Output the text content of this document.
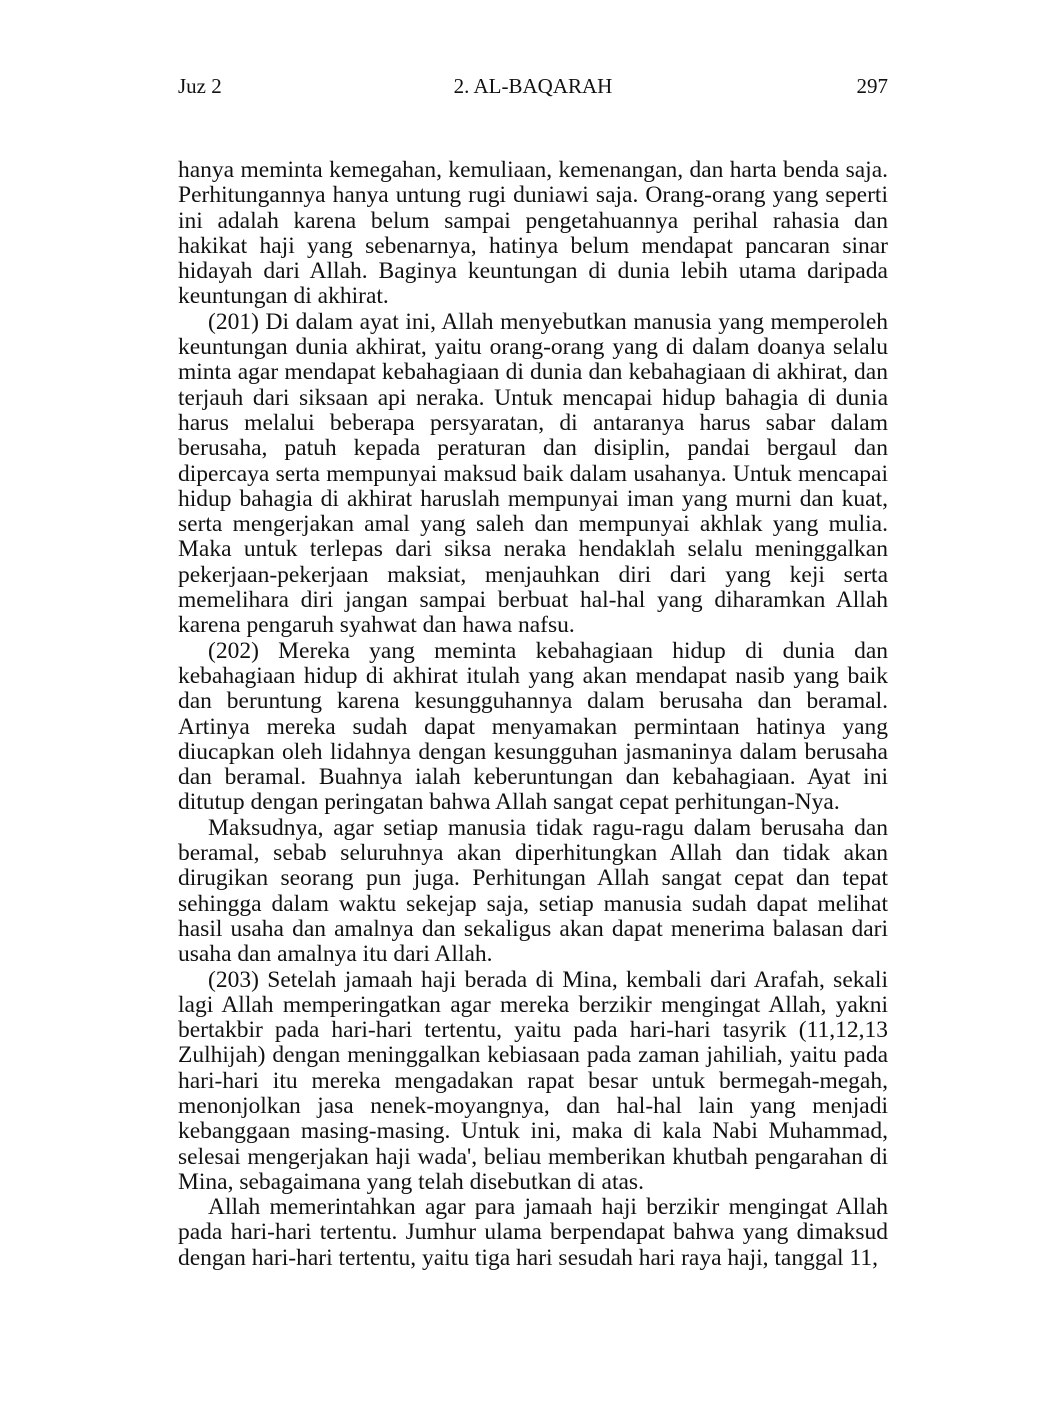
Juz 2	2. AL-BAQARAH	297

hanya meminta kemegahan, kemuliaan, kemenangan, dan harta benda saja. Perhitungannya hanya untung rugi duniawi saja. Orang-orang yang seperti ini adalah karena belum sampai pengetahuannya perihal rahasia dan hakikat haji yang sebenarnya, hatinya belum mendapat pancaran sinar hidayah dari Allah. Baginya keuntungan di dunia lebih utama daripada keuntungan di akhirat.

(201) Di dalam ayat ini, Allah menyebutkan manusia yang memperoleh keuntungan dunia akhirat, yaitu orang-orang yang di dalam doanya selalu minta agar mendapat kebahagiaan di dunia dan kebahagiaan di akhirat, dan terjauh dari siksaan api neraka. Untuk mencapai hidup bahagia di dunia harus melalui beberapa persyaratan, di antaranya harus sabar dalam berusaha, patuh kepada peraturan dan disiplin, pandai bergaul dan dipercaya serta mempunyai maksud baik dalam usahanya. Untuk mencapai hidup bahagia di akhirat haruslah mempunyai iman yang murni dan kuat, serta mengerjakan amal yang saleh dan mempunyai akhlak yang mulia. Maka untuk terlepas dari siksa neraka hendaklah selalu meninggalkan pekerjaan-pekerjaan maksiat, menjauhkan diri dari yang keji serta memelihara diri jangan sampai berbuat hal-hal yang diharamkan Allah karena pengaruh syahwat dan hawa nafsu.

(202) Mereka yang meminta kebahagiaan hidup di dunia dan kebahagiaan hidup di akhirat itulah yang akan mendapat nasib yang baik dan beruntung karena kesungguhannya dalam berusaha dan beramal. Artinya mereka sudah dapat menyamakan permintaan hatinya yang diucapkan oleh lidahnya dengan kesungguhan jasmaninya dalam berusaha dan beramal. Buahnya ialah keberuntungan dan kebahagiaan. Ayat ini ditutup dengan peringatan bahwa Allah sangat cepat perhitungan-Nya.

Maksudnya, agar setiap manusia tidak ragu-ragu dalam berusaha dan beramal, sebab seluruhnya akan diperhitungkan Allah dan tidak akan dirugikan seorang pun juga. Perhitungan Allah sangat cepat dan tepat sehingga dalam waktu sekejap saja, setiap manusia sudah dapat melihat hasil usaha dan amalnya dan sekaligus akan dapat menerima balasan dari usaha dan amalnya itu dari Allah.

(203) Setelah jamaah haji berada di Mina, kembali dari Arafah, sekali lagi Allah memperingatkan agar mereka berzikir mengingat Allah, yakni bertakbir pada hari-hari tertentu, yaitu pada hari-hari tasyrik (11,12,13 Zulhijah) dengan meninggalkan kebiasaan pada zaman jahiliah, yaitu pada hari-hari itu mereka mengadakan rapat besar untuk bermegah-megah, menonjolkan jasa nenek-moyangnya, dan hal-hal lain yang menjadi kebanggaan masing-masing. Untuk ini, maka di kala Nabi Muhammad, selesai mengerjakan haji wada', beliau memberikan khutbah pengarahan di Mina, sebagaimana yang telah disebutkan di atas.

Allah memerintahkan agar para jamaah haji berzikir mengingat Allah pada hari-hari tertentu. Jumhur ulama berpendapat bahwa yang dimaksud dengan hari-hari tertentu, yaitu tiga hari sesudah hari raya haji, tanggal 11,
